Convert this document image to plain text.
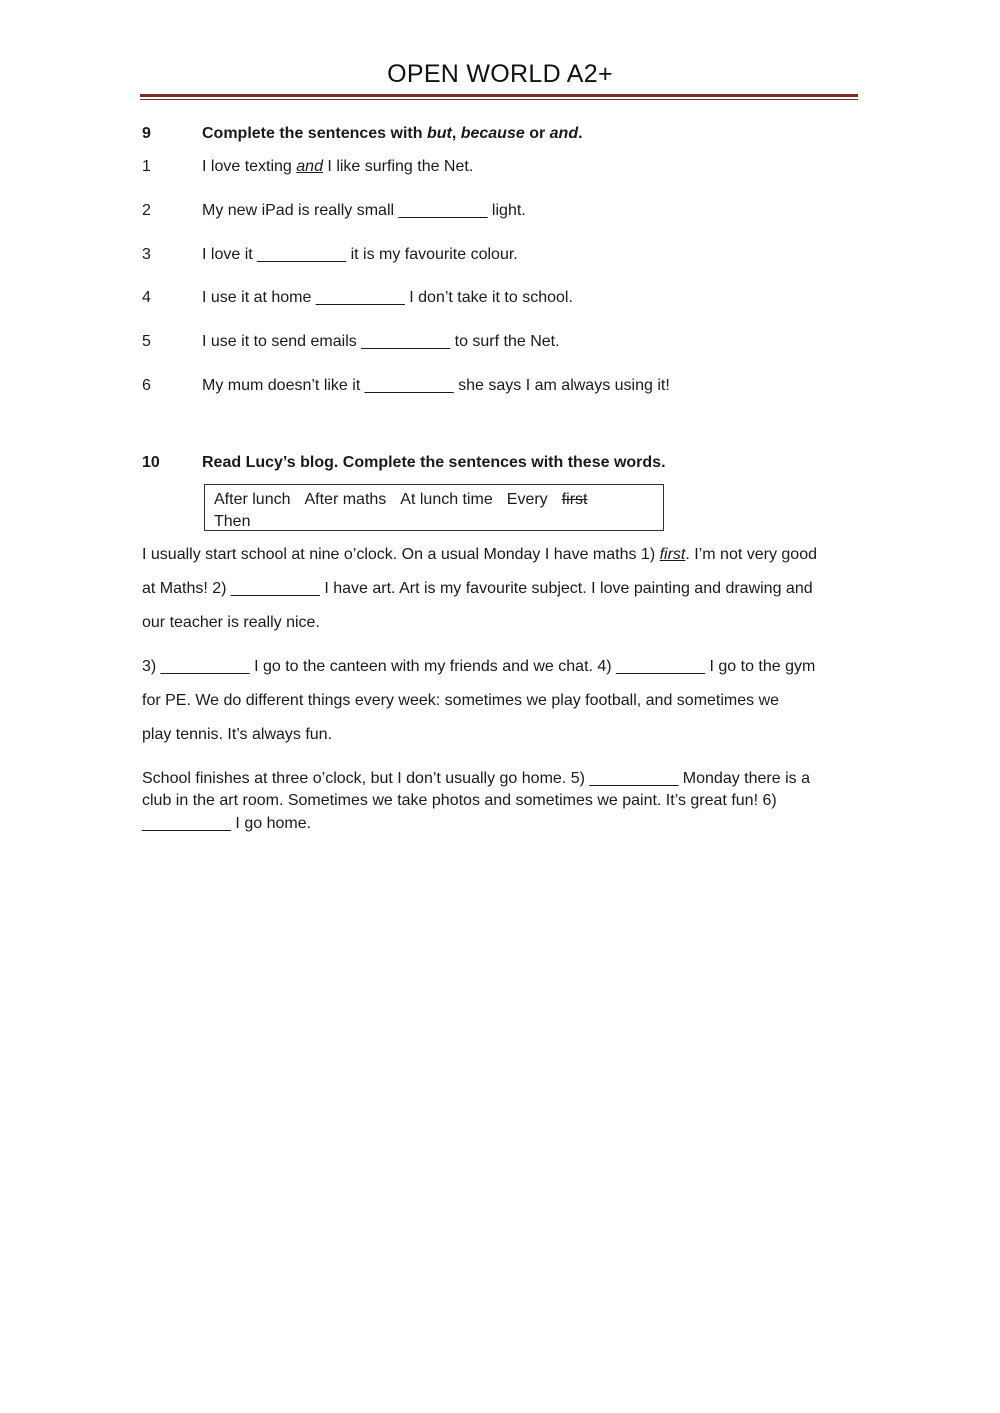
OPEN WORLD A2+
9	Complete the sentences with but, because or and.
1	I love texting and I like surfing the Net.
2	My new iPad is really small __________ light.
3	I love it __________ it is my favourite colour.
4	I use it at home __________ I don’t take it to school.
5	I use it to send emails __________ to surf the Net.
6	My mum doesn’t like it __________ she says I am always using it!
10	Read Lucy’s blog. Complete the sentences with these words.
After lunch After maths At lunch time Every first
Then
I usually start school at nine o’clock. On a usual Monday I have maths 1) first. I’m not very good
at Maths! 2) __________ I have art. Art is my favourite subject. I love painting and drawing and
our teacher is really nice.
3) __________ I go to the canteen with my friends and we chat. 4) __________ I go to the gym
for PE. We do different things every week: sometimes we play football, and sometimes we
play tennis. It’s always fun.
School finishes at three o’clock, but I don’t usually go home. 5) __________ Monday there is a
club in the art room. Sometimes we take photos and sometimes we paint. It’s great fun! 6)
__________ I go home.
